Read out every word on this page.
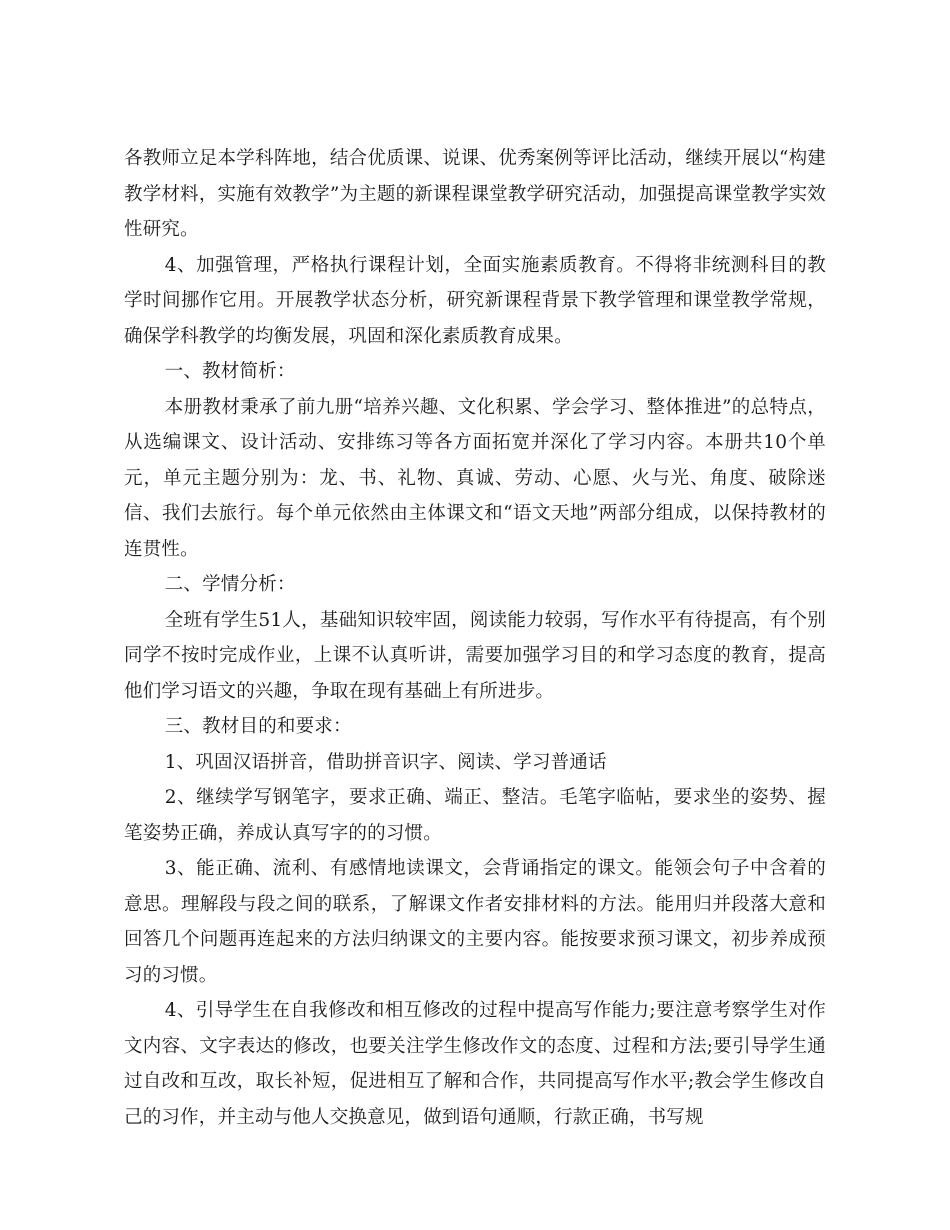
各教师立足本学科阵地，结合优质课、说课、优秀案例等评比活动，继续开展以“构建教学材料，实施有效教学”为主题的新课程课堂教学研究活动，加强提高课堂教学实效性研究。

4、加强管理，严格执行课程计划，全面实施素质教育。不得将非统测科目的教学时间挪作它用。开展教学状态分析，研究新课程背景下教学管理和课堂教学常规，确保学科教学的均衡发展，巩固和深化素质教育成果。

一、教材简析：

本册教材秉承了前九册“培养兴趣、文化积累、学会学习、整体推进”的总特点，从选编课文、设计活动、安排练习等各方面拓宽并深化了学习内容。本册共10个单元，单元主题分别为：龙、书、礼物、真诚、劳动、心愿、火与光、角度、破除迷信、我们去旅行。每个单元依然由主体课文和“语文天地”两部分组成，以保持教材的连贯性。

二、学情分析：

全班有学生51人，基础知识较牢固，阅读能力较弱，写作水平有待提高，有个别同学不按时完成作业，上课不认真听讲，需要加强学习目的和学习态度的教育，提高他们学习语文的兴趣，争取在现有基础上有所进步。

三、教材目的和要求：

1、巩固汉语拼音，借助拼音识字、阅读、学习普通话

2、继续学写钢笔字，要求正确、端正、整洁。毛笔字临帖，要求坐的姿势、握笔姿势正确，养成认真写字的的习惯。

3、能正确、流利、有感情地读课文，会背诵指定的课文。能领会句子中含着的意思。理解段与段之间的联系，了解课文作者安排材料的方法。能用归并段落大意和回答几个问题再连起来的方法归纳课文的主要内容。能按要求预习课文，初步养成预习的习惯。

4、引导学生在自我修改和相互修改的过程中提高写作能力;要注意考察学生对作文内容、文字表达的修改，也要关注学生修改作文的态度、过程和方法;要引导学生通过自改和互改，取长补短，促进相互了解和合作，共同提高写作水平;教会学生修改自己的习作，并主动与他人交换意见，做到语句通顺，行款正确，书写规
